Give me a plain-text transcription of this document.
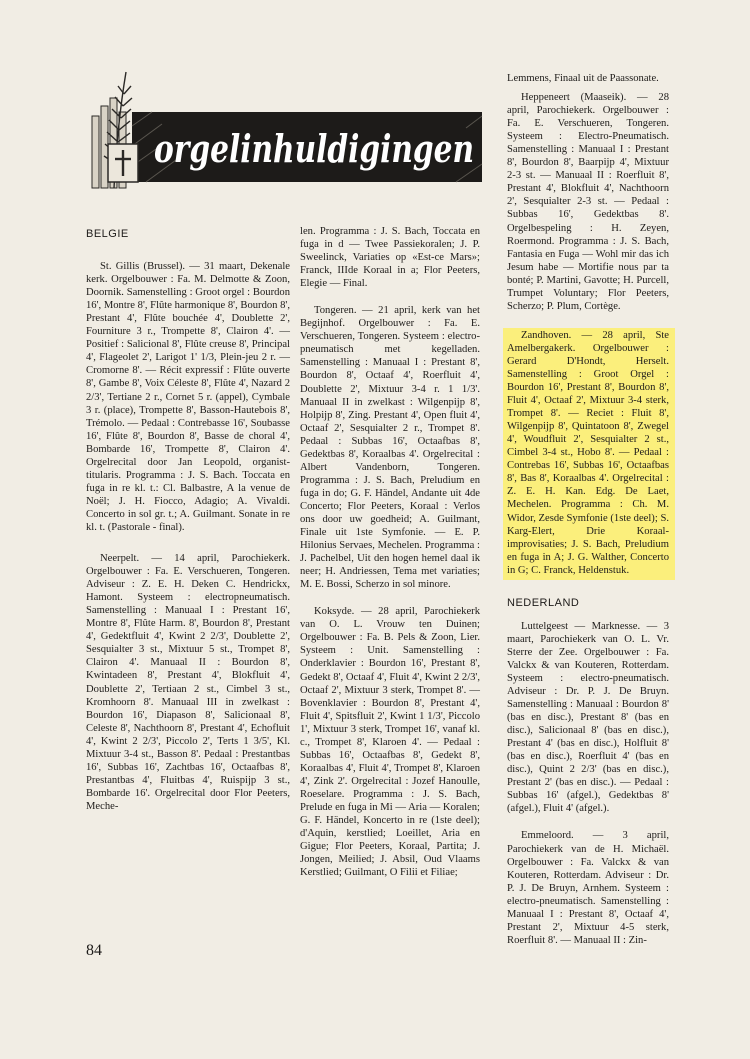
orgelinhuldigingen

BELGIE

St. Gillis (Brussel). — 31 maart, Dekenale kerk. Orgelbouwer : Fa. M. Delmotte & Zoon, Doornik. Samenstelling : Groot orgel : Bourdon 16', Montre 8', Flûte harmonique 8', Bourdon 8', Prestant 4', Flûte bouchée 4', Doublette 2', Fourniture 3 r., Trompette 8', Clairon 4'. — Positief : Salicional 8', Flûte creuse 8', Principal 4', Flageolet 2', Larigot 1' 1/3, Plein-jeu 2 r. — Cromorne 8'. — Récit expressif : Flûte ouverte 8', Gambe 8', Voix Céleste 8', Flûte 4', Nazard 2 2/3', Tertiane 2 r., Cornet 5 r. (appel), Cymbale 3 r. (place), Trompette 8', Basson-Hautebois 8', Trémolo. — Pedaal : Contrebasse 16', Soubasse 16', Flûte 8', Bourdon 8', Basse de choral 4', Bombarde 16', Trompette 8', Clairon 4'. Orgelrecital door Jan Leopold, organist-titularis. Programma : J. S. Bach. Toccata en fuga in re kl. t.: Cl. Balbastre, A la venue de Noël; J. H. Fiocco, Adagio; A. Vivaldi. Concerto in sol gr. t.; A. Guilmant. Sonate in re kl. t. (Pastorale - final).

Neerpelt. — 14 april, Parochiekerk. Orgelbouwer : Fa. E. Verschueren, Tongeren. Adviseur : Z. E. H. Deken C. Hendrickx, Hamont. Systeem : electropneumatisch. Samenstelling : Manuaal I : Prestant 16', Montre 8', Flûte Harm. 8', Bourdon 8', Prestant 4', Gedektfluit 4', Kwint 2 2/3', Doublette 2', Sesquialter 3 st., Mixtuur 5 st., Trompet 8', Clairon 4'. Manuaal II : Bourdon 8', Kwintadeen 8', Prestant 4', Blokfluit 4', Doublette 2', Tertiaan 2 st., Cimbel 3 st., Kromhoorn 8'. Manuaal III in zwelkast : Bourdon 16', Diapason 8', Salicionaal 8', Celeste 8', Nachthoorn 8', Prestant 4', Echofluit 4', Kwint 2 2/3', Piccolo 2', Terts 1 3/5', Kl. Mixtuur 3-4 st., Basson 8'. Pedaal : Prestantbas 16', Subbas 16', Zachtbas 16', Octaafbas 8', Prestantbas 4', Fluitbas 4', Ruispijp 3 st., Bombarde 16'. Orgelrecital door Flor Peeters, Meche-

len. Programma : J. S. Bach, Toccata en fuga in d — Twee Passiekoralen; J. P. Sweelinck, Variaties op «Est-ce Mars»; Franck, IIIde Koraal in a; Flor Peeters, Elegie — Final.

Tongeren. — 21 april, kerk van het Begijnhof. Orgelbouwer : Fa. E. Verschueren, Tongeren. Systeem : electro-pneumatisch met kegelladen. Samenstelling : Manuaal I : Prestant 8', Bourdon 8', Octaaf 4', Roerfluit 4', Doublette 2', Mixtuur 3-4 r. 1 1/3'. Manuaal II in zwelkast : Wilgenpijp 8', Holpijp 8', Zing. Prestant 4', Open fluit 4', Octaaf 2', Sesquialter 2 r., Trompet 8'. Pedaal : Subbas 16', Octaafbas 8', Gedektbas 8', Koraalbas 4'. Orgelrecital : Albert Vandenborn, Tongeren. Programma : J. S. Bach, Preludium en fuga in do; G. F. Händel, Andante uit 4de Concerto; Flor Peeters, Koraal : Verlos ons door uw goedheid; A. Guilmant, Finale uit 1ste Symfonie. — E. P. Hilonius Servaes, Mechelen. Programma : J. Pachelbel, Uit den hogen hemel daal ik neer; H. Andriessen, Tema met variaties; M. E. Bossi, Scherzo in sol minore.

Koksyde. — 28 april, Parochiekerk van O. L. Vrouw ten Duinen; Orgelbouwer : Fa. B. Pels & Zoon, Lier. Systeem : Unit. Samenstelling : Onderklavier : Bourdon 16', Prestant 8', Gedekt 8', Octaaf 4', Fluit 4', Kwint 2 2/3', Octaaf 2', Mixtuur 3 sterk, Trompet 8'. — Bovenklavier : Bourdon 8', Prestant 4', Fluit 4', Spitsfluit 2', Kwint 1 1/3', Piccolo 1', Mixtuur 3 sterk, Trompet 16', vanaf kl. c., Trompet 8', Klaroen 4'. — Pedaal : Subbas 16', Octaafbas 8', Gedekt 8', Koraalbas 4', Fluit 4', Trompet 8', Klaroen 4', Zink 2'. Orgelrecital : Jozef Hanoulle, Roeselare. Programma : J. S. Bach, Prelude en fuga in Mi — Aria — Koralen; G. F. Händel, Koncerto in re (1ste deel); d'Aquin, kerstlied; Loeillet, Aria en Gigue; Flor Peeters, Koraal, Partita; J. Jongen, Meilied; J. Absil, Oud Vlaams Kerstlied; Guilmant, O Filii et Filiae;

Lemmens, Finaal uit de Paassonate.

Heppeneert (Maaseik). — 28 april, Parochiekerk. Orgelbouwer : Fa. E. Verschueren, Tongeren. Systeem : Electro-Pneumatisch. Samenstelling : Manuaal I : Prestant 8', Bourdon 8', Baarpijp 4', Mixtuur 2-3 st. — Manuaal II : Roerfluit 8', Prestant 4', Blokfluit 4', Nachthoorn 2', Sesquialter 2-3 st. — Pedaal : Subbas 16', Gedektbas 8'. Orgelbespeling : H. Zeyen, Roermond. Programma : J. S. Bach, Fantasia en Fuga — Wohl mir das ich Jesum habe — Mortifie nous par ta bonté; P. Martini, Gavotte; H. Purcell, Trumpet Voluntary; Flor Peeters, Scherzo; P. Plum, Cortège.

Zandhoven. — 28 april, Ste Amelbergakerk. Orgelbouwer : Gerard D'Hondt, Herselt. Samenstelling : Groot Orgel : Bourdon 16', Prestant 8', Bourdon 8', Fluit 4', Octaaf 2', Mixtuur 3-4 sterk, Trompet 8'. — Reciet : Fluit 8', Wilgenpijp 8', Quintatoon 8', Zwegel 4', Woudfluit 2', Sesquialter 2 st., Cimbel 3-4 st., Hobo 8'. — Pedaal : Contrebas 16', Subbas 16', Octaafbas 8', Bas 8', Koraalbas 4'. Orgelrecital : Z. E. H. Kan. Edg. De Laet, Mechelen. Programma : Ch. M. Widor, Zesde Symfonie (1ste deel); S. Karg-Elert, Drie Koraal-improvisaties; J. S. Bach, Preludium en fuga in A; J. G. Walther, Concerto in G; C. Franck, Heldenstuk.

NEDERLAND

Luttelgeest — Marknesse. — 3 maart, Parochiekerk van O. L. Vr. Sterre der Zee. Orgelbouwer : Fa. Valckx & van Kouteren, Rotterdam. Systeem : electro-pneumatisch. Adviseur : Dr. P. J. De Bruyn. Samenstelling : Manuaal : Bourdon 8' (bas en disc.), Prestant 8' (bas en disc.), Salicionaal 8' (bas en disc.), Prestant 4' (bas en disc.), Holfluit 8' (bas en disc.), Roerfluit 4' (bas en disc.), Quint 2 2/3' (bas en disc.), Prestant 2' (bas en disc.). — Pedaal : Subbas 16' (afgel.), Gedektbas 8' (afgel.), Fluit 4' (afgel.).

Emmeloord. — 3 april, Parochiekerk van de H. Michaël. Orgelbouwer : Fa. Valckx & van Kouteren, Rotterdam. Adviseur : Dr. P. J. De Bruyn, Arnhem. Systeem : electro-pneumatisch. Samenstelling : Manuaal I : Prestant 8', Octaaf 4', Prestant 2', Mixtuur 4-5 sterk, Roerfluit 8'. — Manuaal II : Zin-

84
